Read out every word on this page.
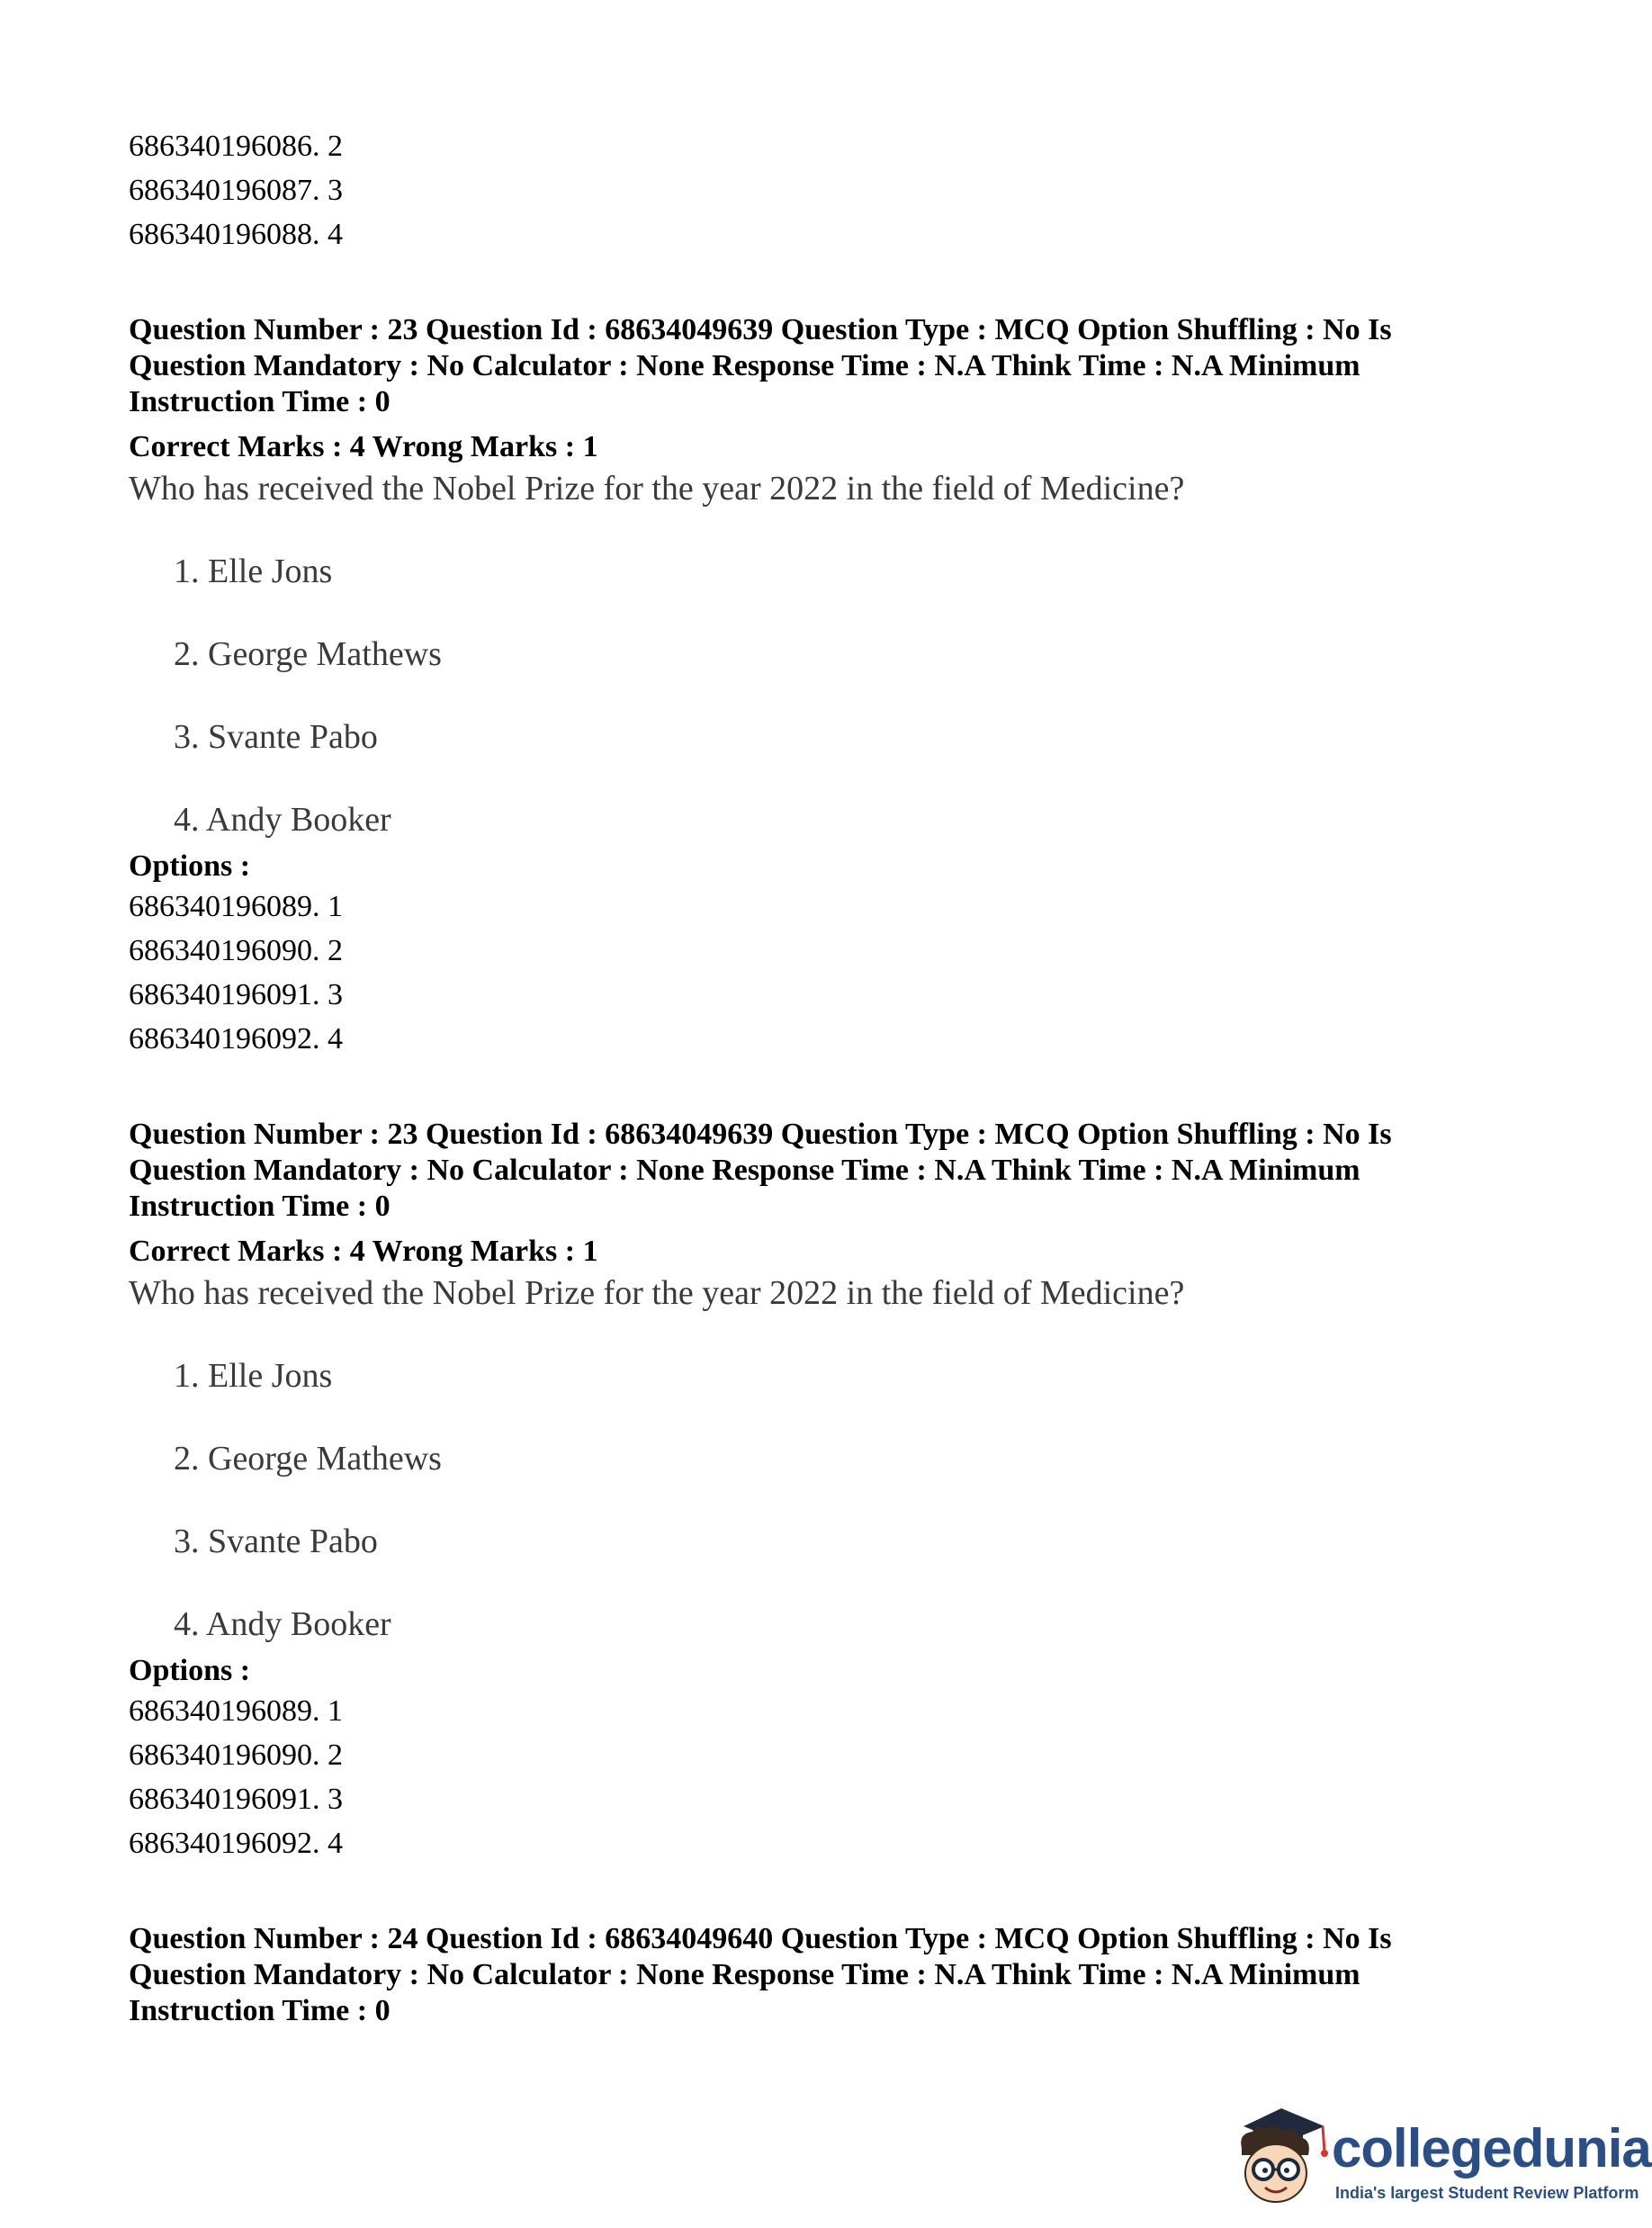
686340196086. 2

686340196087. 3

686340196088. 4

Question Number : 23 Question Id : 68634049639 Question Type : MCQ Option Shuffling : No Is

Question Mandatory : No Calculator : None Response Time : N.A Think Time : N.A Minimum

Instruction Time : 0

Correct Marks : 4 Wrong Marks : 1

Who has received the Nobel Prize for the year 2022 in the field of Medicine?

1. Elle Jons

2. George Mathews

3. Svante Pabo

4. Andy Booker

Options :

686340196089. 1

686340196090. 2

686340196091. 3

686340196092. 4

Question Number : 23 Question Id : 68634049639 Question Type : MCQ Option Shuffling : No Is

Question Mandatory : No Calculator : None Response Time : N.A Think Time : N.A Minimum

Instruction Time : 0

Correct Marks : 4 Wrong Marks : 1

Who has received the Nobel Prize for the year 2022 in the field of Medicine?

1. Elle Jons

2. George Mathews

3. Svante Pabo

4. Andy Booker

Options :

686340196089. 1

686340196090. 2

686340196091. 3

686340196092. 4

Question Number : 24 Question Id : 68634049640 Question Type : MCQ Option Shuffling : No Is

Question Mandatory : No Calculator : None Response Time : N.A Think Time : N.A Minimum

Instruction Time : 0

collegedunia
India's largest Student Review Platform
